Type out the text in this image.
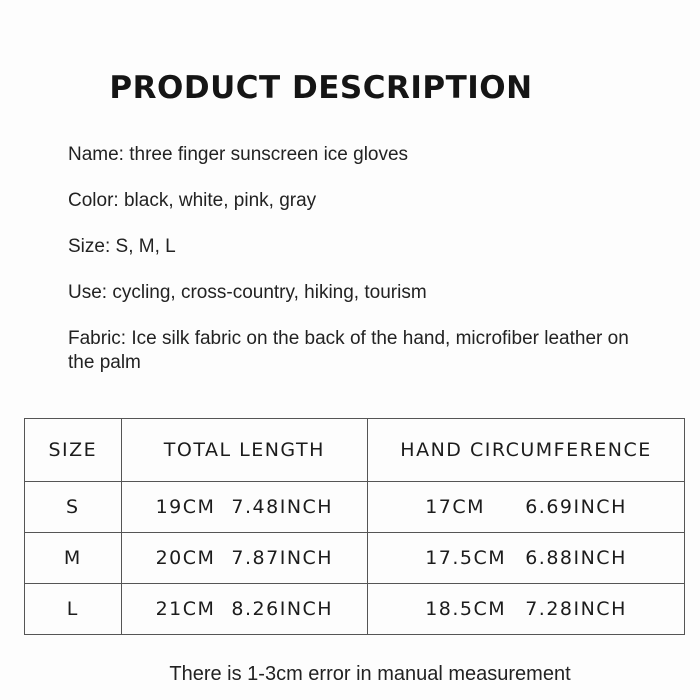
PRODUCT DESCRIPTION
Name: three finger sunscreen ice gloves
Color: black, white, pink, gray
Size: S, M, L
Use: cycling, cross-country, hiking, tourism
Fabric: Ice silk fabric on the back of the hand, microfiber leather on the palm
SIZE	TOTAL LENGTH	HAND CIRCUMFERENCE
S	19CM 7.48INCH	17CM 6.69INCH
M	20CM 7.87INCH	17.5CM 6.88INCH
L	21CM 8.26INCH	18.5CM 7.28INCH
There is 1-3cm error in manual measurement
